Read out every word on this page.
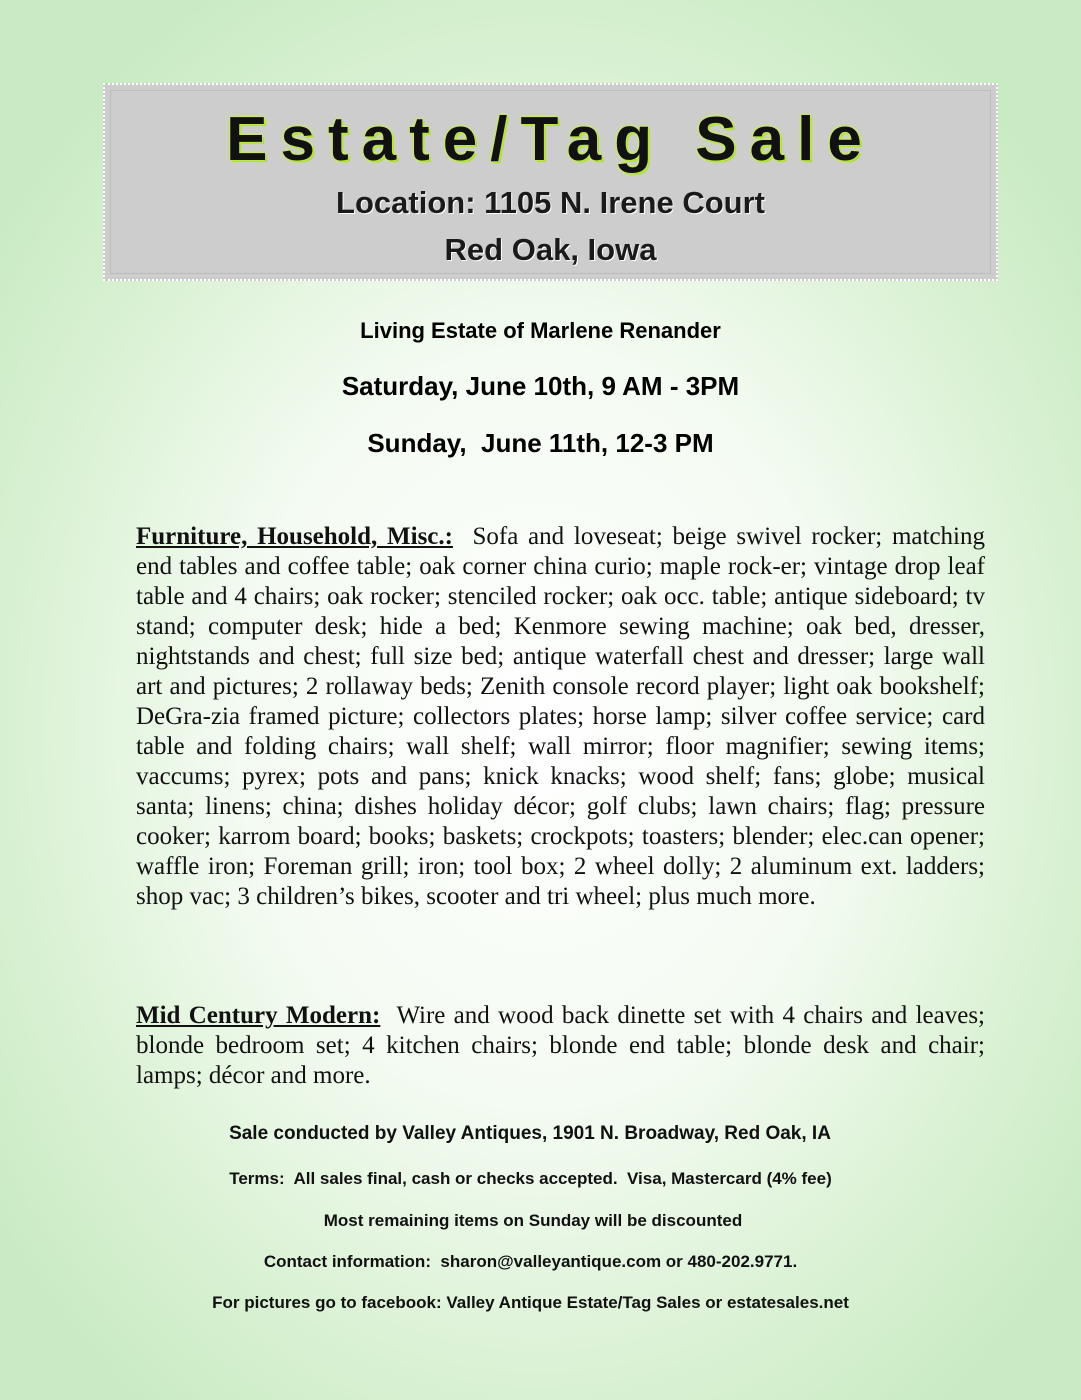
Estate/Tag Sale
Location: 1105 N. Irene Court
Red Oak, Iowa
Living Estate of Marlene Renander
Saturday, June 10th, 9 AM - 3PM
Sunday,  June 11th, 12-3 PM
Furniture, Household, Misc.: Sofa and loveseat; beige swivel rocker; matching end tables and coffee table; oak corner china curio; maple rock-er; vintage drop leaf table and 4 chairs; oak rocker; stenciled rocker; oak occ. table; antique sideboard; tv stand; computer desk; hide a bed; Kenmore sewing machine; oak bed, dresser, nightstands and chest; full size bed; antique waterfall chest and dresser; large wall art and pictures; 2 rollaway beds; Zenith console record player; light oak bookshelf; DeGra-zia framed picture; collectors plates; horse lamp; silver coffee service; card table and folding chairs; wall shelf; wall mirror; floor magnifier; sewing items; vaccums; pyrex; pots and pans; knick knacks; wood shelf; fans; globe; musical santa; linens; china; dishes holiday décor; golf clubs; lawn chairs; flag; pressure cooker; karrom board; books; baskets; crockpots; toasters; blender; elec.can opener; waffle iron; Foreman grill; iron; tool box; 2 wheel dolly; 2 aluminum ext. ladders; shop vac; 3 children’s bikes, scooter and tri wheel; plus much more.
Mid Century Modern: Wire and wood back dinette set with 4 chairs and leaves; blonde bedroom set; 4 kitchen chairs; blonde end table; blonde desk and chair; lamps; décor and more.
Sale conducted by Valley Antiques, 1901 N. Broadway, Red Oak, IA
Terms:  All sales final, cash or checks accepted.  Visa, Mastercard (4% fee)
Most remaining items on Sunday will be discounted
Contact information:  sharon@valleyantique.com or 480-202.9771.
For pictures go to facebook: Valley Antique Estate/Tag Sales or estatesales.net
